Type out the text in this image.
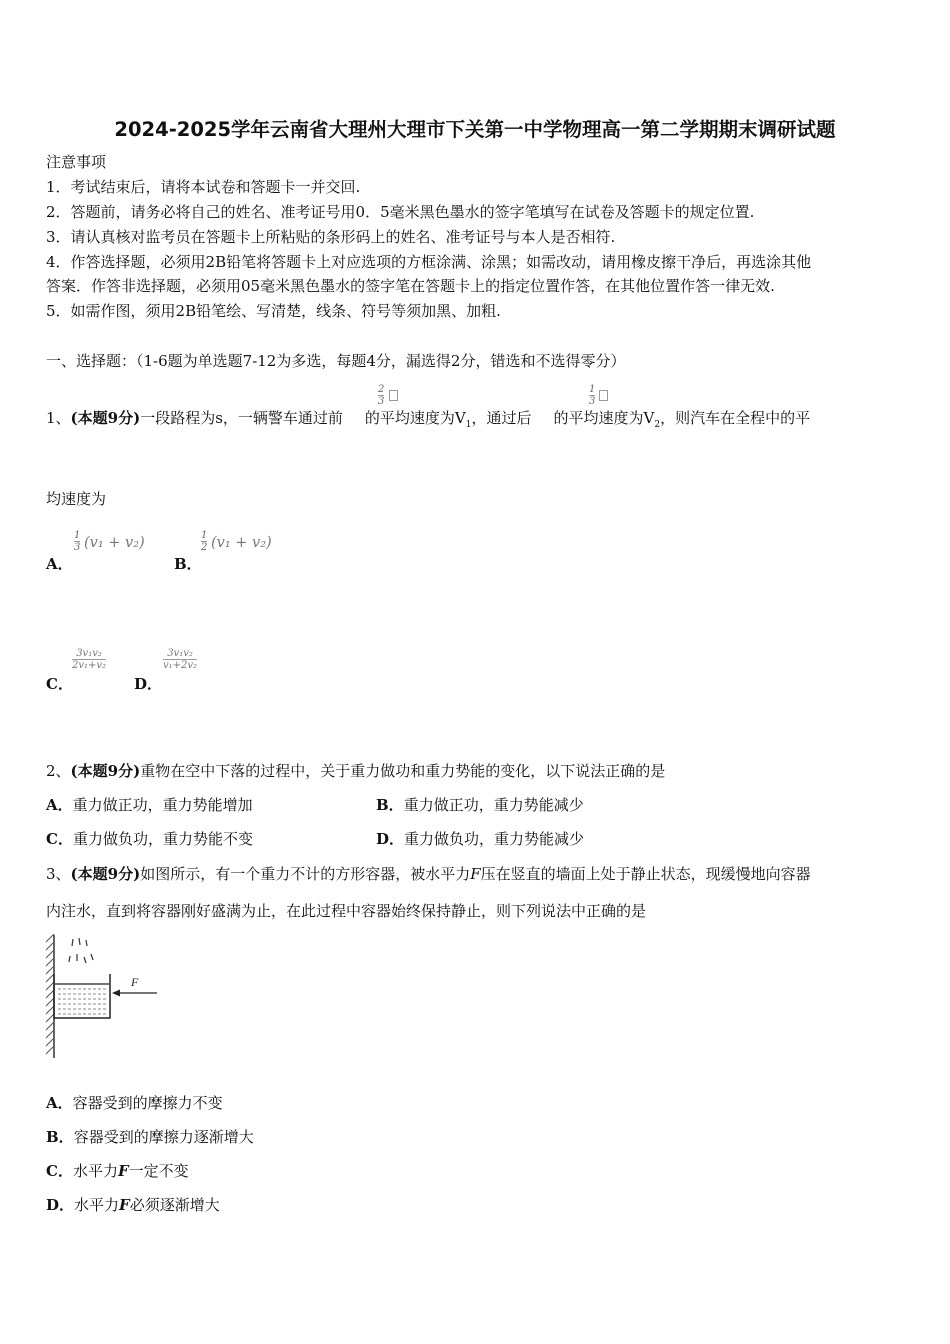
2024-2025学年云南省大理州大理市下关第一中学物理高一第二学期期末调研试题
注意事项
1．考试结束后，请将本试卷和答题卡一并交回.
2．答题前，请务必将自己的姓名、准考证号用0．5毫米黑色墨水的签字笔填写在试卷及答题卡的规定位置.
3．请认真核对监考员在答题卡上所粘贴的条形码上的姓名、准考证号与本人是否相符.
4．作答选择题，必须用2B铅笔将答题卡上对应选项的方框涂满、涂黑；如需改动，请用橡皮擦干净后，再选涂其他
答案．作答非选择题，必须用05毫米黑色墨水的签字笔在答题卡上的指定位置作答，在其他位置作答一律无效.
5．如需作图，须用2B铅笔绘、写清楚，线条、符号等须加黑、加粗.
一、选择题：（1-6题为单选题7-12为多选，每题4分，漏选得2分，错选和不选得零分）
1、(本题9分)一段路程为s，一辆警车通过前 的平均速度为$V_1$，通过后 的平均速度为$V_2$，则汽车在全程中的平
2
3
1
3
均速度为
A．
1
3 (v₁ + v₂)
B．
1
2 (v₁ + v₂)
C．
$\frac{\text{3v₁v₂}}{\text{2v₁+v₂}}$
D．
$\frac{\text{3v₁v₂}}{\text{v₁+2v₂}}$
2、(本题9分)重物在空中下落的过程中，关于重力做功和重力势能的变化，以下说法正确的是
A．重力做正功，重力势能增加	B．重力做正功，重力势能减少
C．重力做负功，重力势能不变	D．重力做负功，重力势能减少
3、(本题9分)如图所示，有一个重力不计的方形容器，被水平力F压在竖直的墙面上处于静止状态，现缓慢地向容器
内注水，直到将容器刚好盛满为止，在此过程中容器始终保持静止，则下列说法中正确的是
F
A．容器受到的摩擦力不变
B．容器受到的摩擦力逐渐增大
C．水平力F一定不变
D．水平力F必须逐渐增大
